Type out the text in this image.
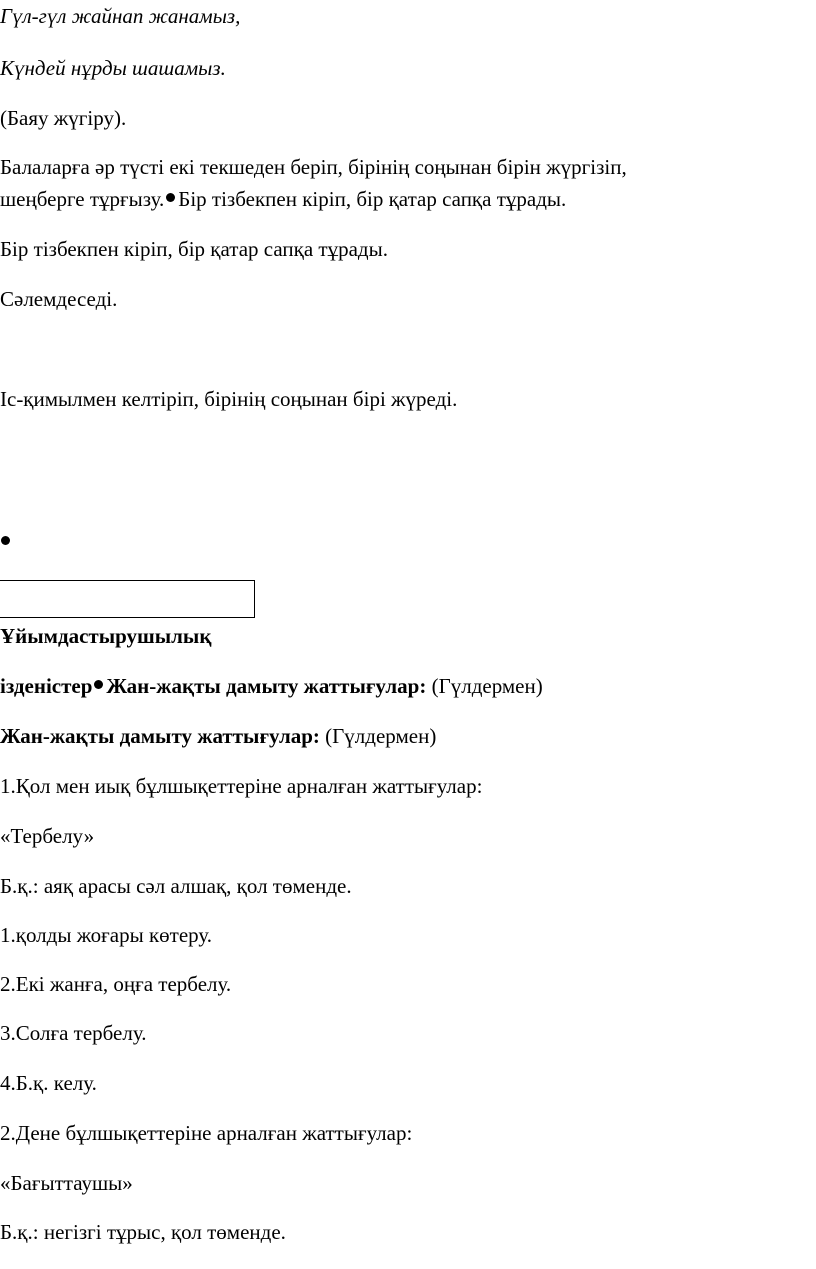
Гүл-гүл жайнап жанамыз,
Күндей нұрды шашамыз.
(Баяу жүгіру).
Балаларға әр түсті екі текшеден беріп, бірінің соңынан бірін жүргізіп,
шеңберге тұрғызу. Бір тізбекпен кіріп, бір қатар сапқа тұрады.
Бір тізбекпен кіріп, бір қатар сапқа тұрады.
Сәлемдеседі.
Іс-қимылмен келтіріп, бірінің соңынан бірі жүреді.
Ұйымдастырушылық
ізденістер Жан-жақты дамыту жаттығулар: (Гүлдермен)
Жан-жақты дамыту жаттығулар: (Гүлдермен)
1.Қол мен иық бұлшықеттеріне арналған жаттығулар:
«Тербелу»
Б.қ.: аяқ арасы сәл алшақ, қол төменде.
1.қолды жоғары көтеру.
2.Екі жанға, оңға тербелу.
3.Солға тербелу.
4.Б.қ. келу.
2.Дене бұлшықеттеріне арналған жаттығулар:
«Бағыттаушы»
Б.қ.: негізгі тұрыс, қол төменде.
